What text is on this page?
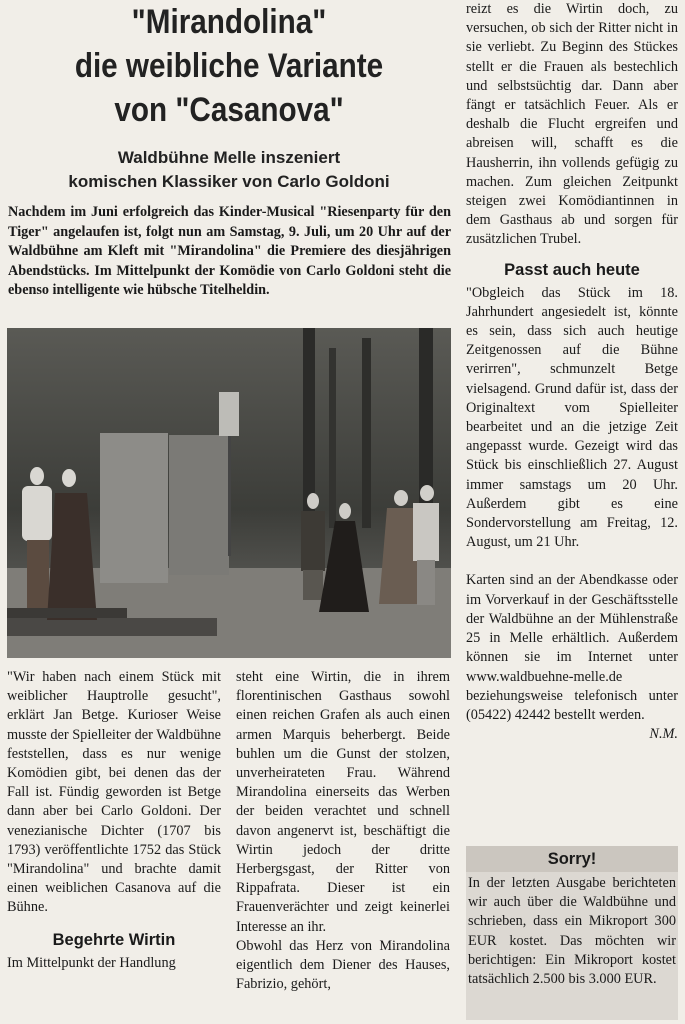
"Mirandolina"
die weibliche Variante
von "Casanova"
Waldbühne Melle inszeniert
komischen Klassiker von Carlo Goldoni
Nachdem im Juni erfolgreich das Kinder-Musical "Riesenparty für den Tiger" angelaufen ist, folgt nun am Samstag, 9. Juli, um 20 Uhr auf der Waldbühne am Kleft mit "Mirandolina" die Premiere des diesjährigen Abendstücks. Im Mittelpunkt der Komödie von Carlo Goldoni steht die ebenso intelligente wie hübsche Titelheldin.

"Wir haben nach einem Stück mit weiblicher Hauptrolle gesucht", erklärt Jan Betge. Kurioser Weise musste der Spielleiter der Waldbühne feststellen, dass es nur wenige Komödien gibt, bei denen das der Fall ist. Fündig geworden ist Betge dann aber bei Carlo Goldoni. Der venezianische Dichter (1707 bis 1793) veröffentlichte 1752 das Stück "Mirandolina" und brachte damit einen weiblichen Casanova auf die Bühne.

Begehrte Wirtin

Im Mittelpunkt der Handlung

steht eine Wirtin, die in ihrem florentinischen Gasthaus sowohl einen reichen Grafen als auch einen armen Marquis beherbergt. Beide buhlen um die Gunst der stolzen, unverheirateten Frau. Während Mirandolina einerseits das Werben der beiden verachtet und schnell davon angenervt ist, beschäftigt die Wirtin jedoch der dritte Herbergsgast, der Ritter von Rippafrata. Dieser ist ein Frauenverächter und zeigt keinerlei Interesse an ihr.

Obwohl das Herz von Mirandolina eigentlich dem Diener des Hauses, Fabrizio, gehört,

reizt es die Wirtin doch, zu versuchen, ob sich der Ritter nicht in sie verliebt. Zu Beginn des Stückes stellt er die Frauen als bestechlich und selbstsüchtig dar. Dann aber fängt er tatsächlich Feuer. Als er deshalb die Flucht ergreifen und abreisen will, schafft es die Hausherrin, ihn vollends gefügig zu machen. Zum gleichen Zeitpunkt steigen zwei Komödiantinnen in dem Gasthaus ab und sorgen für zusätzlichen Trubel.

Passt auch heute

"Obgleich das Stück im 18. Jahrhundert angesiedelt ist, könnte es sein, dass sich auch heutige Zeitgenossen auf die Bühne verirren", schmunzelt Betge vielsagend. Grund dafür ist, dass der Originaltext vom Spielleiter bearbeitet und an die jetzige Zeit angepasst wurde. Gezeigt wird das Stück bis einschließlich 27. August immer samstags um 20 Uhr. Außerdem gibt es eine Sondervorstellung am Freitag, 12. August, um 21 Uhr.

Karten sind an der Abendkasse oder im Vorverkauf in der Geschäftsstelle der Waldbühne an der Mühlenstraße 25 in Melle erhältlich. Außerdem können sie im Internet unter www.waldbuehne-melle.de beziehungsweise telefonisch unter (05422) 42442 bestellt werden.

N.M.

Sorry!
In der letzten Ausgabe berichteten wir auch über die Waldbühne und schrieben, dass ein Mikroport 300 EUR kostet. Das möchten wir berichtigen: Ein Mikroport kostet tatsächlich 2.500 bis 3.000 EUR.
